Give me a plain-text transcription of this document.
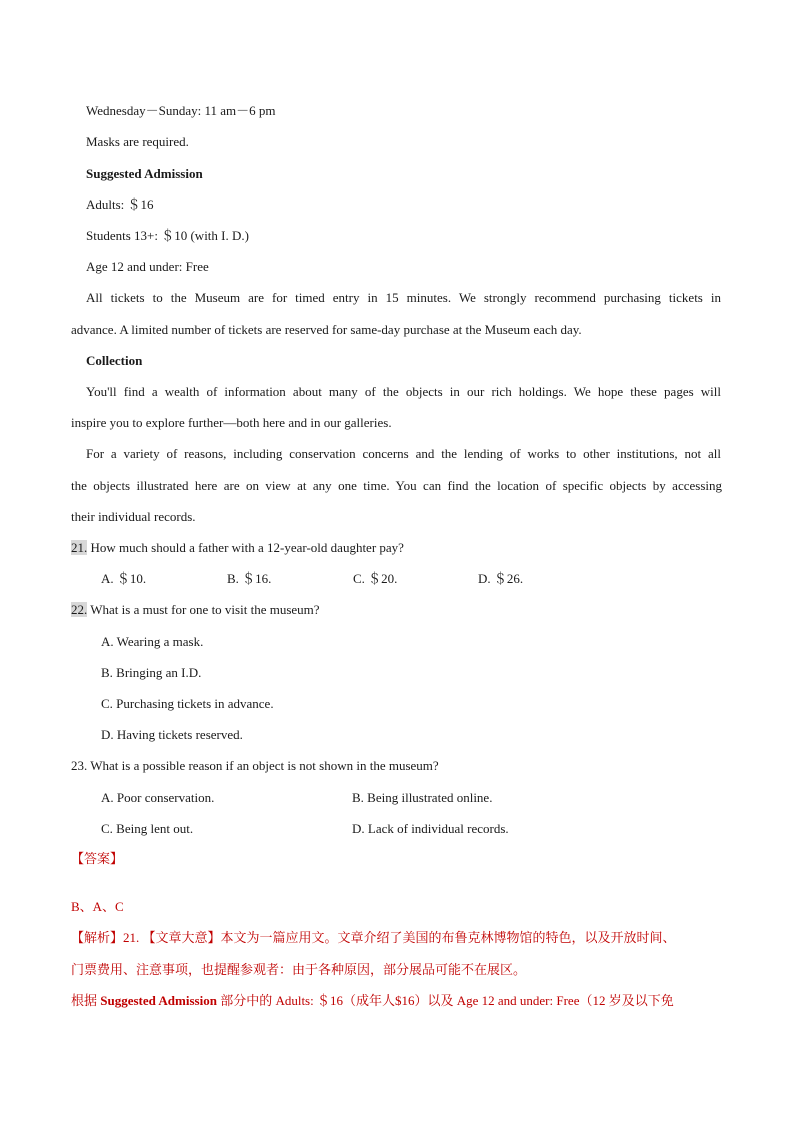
Wednesday－Sunday: 11 am－6 pm
Masks are required.
Suggested Admission
Adults: ＄16
Students 13+: ＄10 (with I. D.)
Age 12 and under: Free
All tickets to the Museum are for timed entry in 15 minutes. We strongly recommend purchasing tickets in
advance. A limited number of tickets are reserved for same-day purchase at the Museum each day.
Collection
You'll find a wealth of information about many of the objects in our rich holdings. We hope these pages will
inspire you to explore further—both here and in our galleries.
For a variety of reasons, including conservation concerns and the lending of works to other institutions, not all
the objects illustrated here are on view at any one time. You can find the location of specific objects by accessing
their individual records.
21. How much should a father with a 12-year-old daughter pay?
A. ＄10.	B. ＄16.	C. ＄20.	D. ＄26.
22. What is a must for one to visit the museum?
A. Wearing a mask.
B. Bringing an I.D.
C. Purchasing tickets in advance.
D. Having tickets reserved.
23. What is a possible reason if an object is not shown in the museum?
A. Poor conservation.	B. Being illustrated online.
C. Being lent out.	D. Lack of individual records.
【答案】
B、A、C
【解析】21. 【文章大意】本文为一篇应用文。文章介绍了美国的布鲁克林博物馆的特色，以及开放时间、
门票费用、注意事项，也提醒参观者：由于各种原因，部分展品可能不在展区。
根据 Suggested Admission 部分中的 Adults: ＄16（成年人$16）以及 Age 12 and under: Free（12 岁及以下免
